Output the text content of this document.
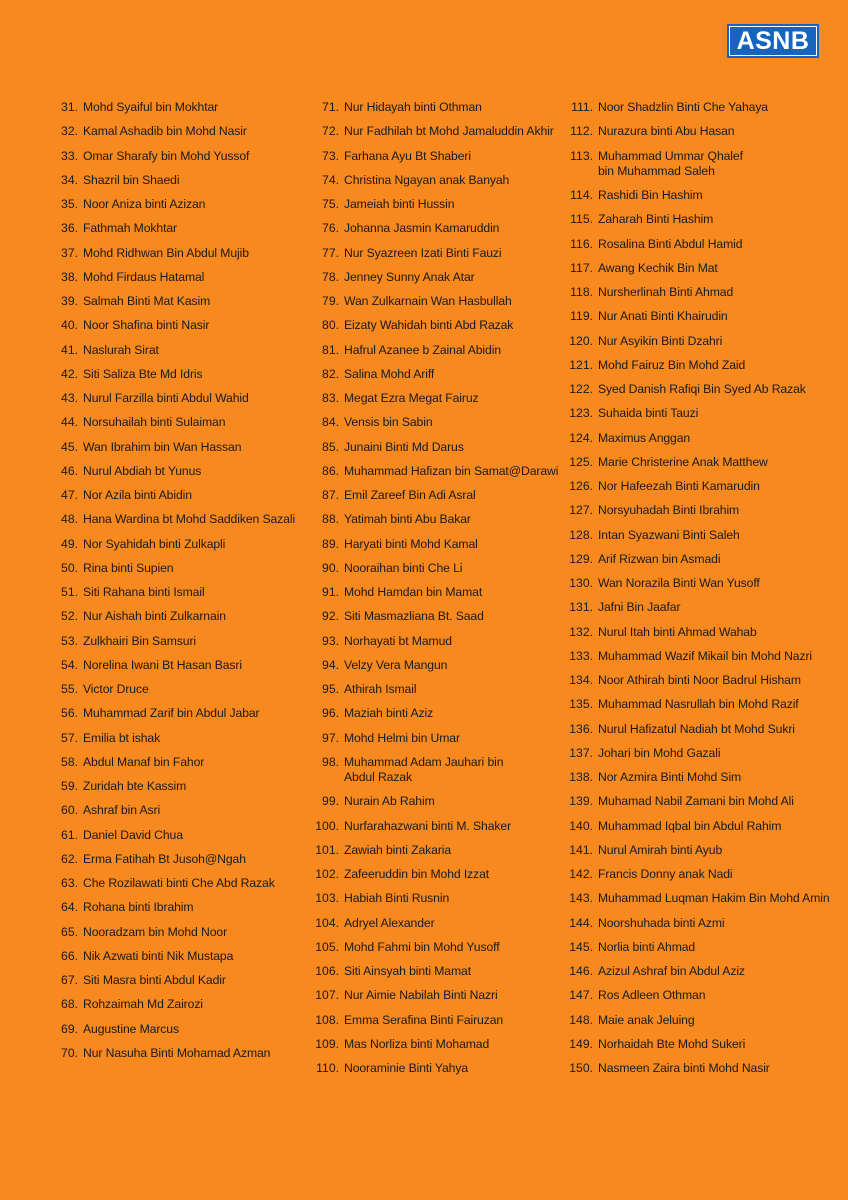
ASNB
31. Mohd Syaiful bin Mokhtar
32. Kamal Ashadib bin Mohd Nasir
33. Omar Sharafy bin Mohd Yussof
34. Shazril bin Shaedi
35. Noor Aniza binti Azizan
36. Fathmah Mokhtar
37. Mohd Ridhwan Bin Abdul Mujib
38. Mohd Firdaus Hatamal
39. Salmah Binti Mat Kasim
40. Noor Shafina binti Nasir
41. Naslurah Sirat
42. Siti Saliza Bte Md Idris
43. Nurul Farzilla binti Abdul Wahid
44. Norsuhailah binti Sulaiman
45. Wan Ibrahim bin Wan Hassan
46. Nurul Abdiah bt Yunus
47. Nor Azila binti Abidin
48. Hana Wardina bt Mohd Saddiken Sazali
49. Nor Syahidah binti Zulkapli
50. Rina binti Supien
51. Siti Rahana binti Ismail
52. Nur Aishah binti Zulkarnain
53. Zulkhairi Bin Samsuri
54. Norelina Iwani Bt Hasan Basri
55. Victor Druce
56. Muhammad Zarif bin Abdul Jabar
57. Emilia bt ishak
58. Abdul Manaf bin Fahor
59. Zuridah bte Kassim
60. Ashraf bin Asri
61. Daniel David Chua
62. Erma Fatihah Bt Jusoh@Ngah
63. Che Rozilawati binti Che Abd Razak
64. Rohana binti Ibrahim
65. Nooradzam bin Mohd Noor
66. Nik Azwati binti Nik Mustapa
67. Siti Masra binti Abdul Kadir
68. Rohzaimah Md Zairozi
69. Augustine Marcus
70. Nur Nasuha Binti Mohamad Azman
71. Nur Hidayah binti Othman
72. Nur Fadhilah bt Mohd Jamaluddin Akhir
73. Farhana Ayu Bt Shaberi
74. Christina Ngayan anak Banyah
75. Jameiah binti Hussin
76. Johanna Jasmin Kamaruddin
77. Nur Syazreen Izati Binti Fauzi
78. Jenney Sunny Anak Atar
79. Wan Zulkarnain Wan Hasbullah
80. Eizaty Wahidah binti Abd Razak
81. Hafrul Azanee b Zainal Abidin
82. Salina Mohd Ariff
83. Megat Ezra Megat Fairuz
84. Vensis bin Sabin
85. Junaini Binti Md Darus
86. Muhammad Hafizan bin Samat@Darawi
87. Emil Zareef Bin Adi Asral
88. Yatimah binti Abu Bakar
89. Haryati binti Mohd Kamal
90. Nooraihan binti Che Li
91. Mohd Hamdan bin Mamat
92. Siti Masmazliana Bt. Saad
93. Norhayati bt Mamud
94. Velzy Vera Mangun
95. Athirah Ismail
96. Maziah binti Aziz
97. Mohd Helmi bin Umar
98. Muhammad Adam Jauhari bin
Abdul Razak
99. Nurain Ab Rahim
100. Nurfarahazwani binti M. Shaker
101. Zawiah binti Zakaria
102. Zafeeruddin bin Mohd Izzat
103. Habiah Binti Rusnin
104. Adryel Alexander
105. Mohd Fahmi bin Mohd Yusoff
106. Siti Ainsyah binti Mamat
107. Nur Aimie Nabilah Binti Nazri
108. Emma Serafina Binti Fairuzan
109. Mas Norliza binti Mohamad
110. Nooraminie Binti Yahya
111. Noor Shadzlin Binti Che Yahaya
112. Nurazura binti Abu Hasan
113. Muhammad Ummar Qhalef
bin Muhammad Saleh
114. Rashidi Bin Hashim
115. Zaharah Binti Hashim
116. Rosalina Binti Abdul Hamid
117. Awang Kechik Bin Mat
118. Nursherlinah Binti Ahmad
119. Nur Anati Binti Khairudin
120. Nur Asyikin Binti Dzahri
121. Mohd Fairuz Bin Mohd Zaid
122. Syed Danish Rafiqi Bin Syed Ab Razak
123. Suhaida binti Tauzi
124. Maximus Anggan
125. Marie Christerine Anak Matthew
126. Nor Hafeezah Binti Kamarudin
127. Norsyuhadah Binti Ibrahim
128. Intan Syazwani Binti Saleh
129. Arif Rizwan bin Asmadi
130. Wan Norazila Binti Wan Yusoff
131. Jafni Bin Jaafar
132. Nurul Itah binti Ahmad Wahab
133. Muhammad Wazif Mikail bin Mohd Nazri
134. Noor Athirah binti Noor Badrul Hisham
135. Muhammad Nasrullah bin Mohd Razif
136. Nurul Hafizatul Nadiah bt Mohd Sukri
137. Johari bin Mohd Gazali
138. Nor Azmira Binti Mohd Sim
139. Muhamad Nabil Zamani bin Mohd Ali
140. Muhammad Iqbal bin Abdul Rahim
141. Nurul Amirah binti Ayub
142. Francis Donny anak Nadi
143. Muhammad Luqman Hakim Bin Mohd Amin
144. Noorshuhada binti Azmi
145. Norlia binti Ahmad
146. Azizul Ashraf bin Abdul Aziz
147. Ros Adleen Othman
148. Maie anak Jeluing
149. Norhaidah Bte Mohd Sukeri
150. Nasmeen Zaira binti Mohd Nasir
